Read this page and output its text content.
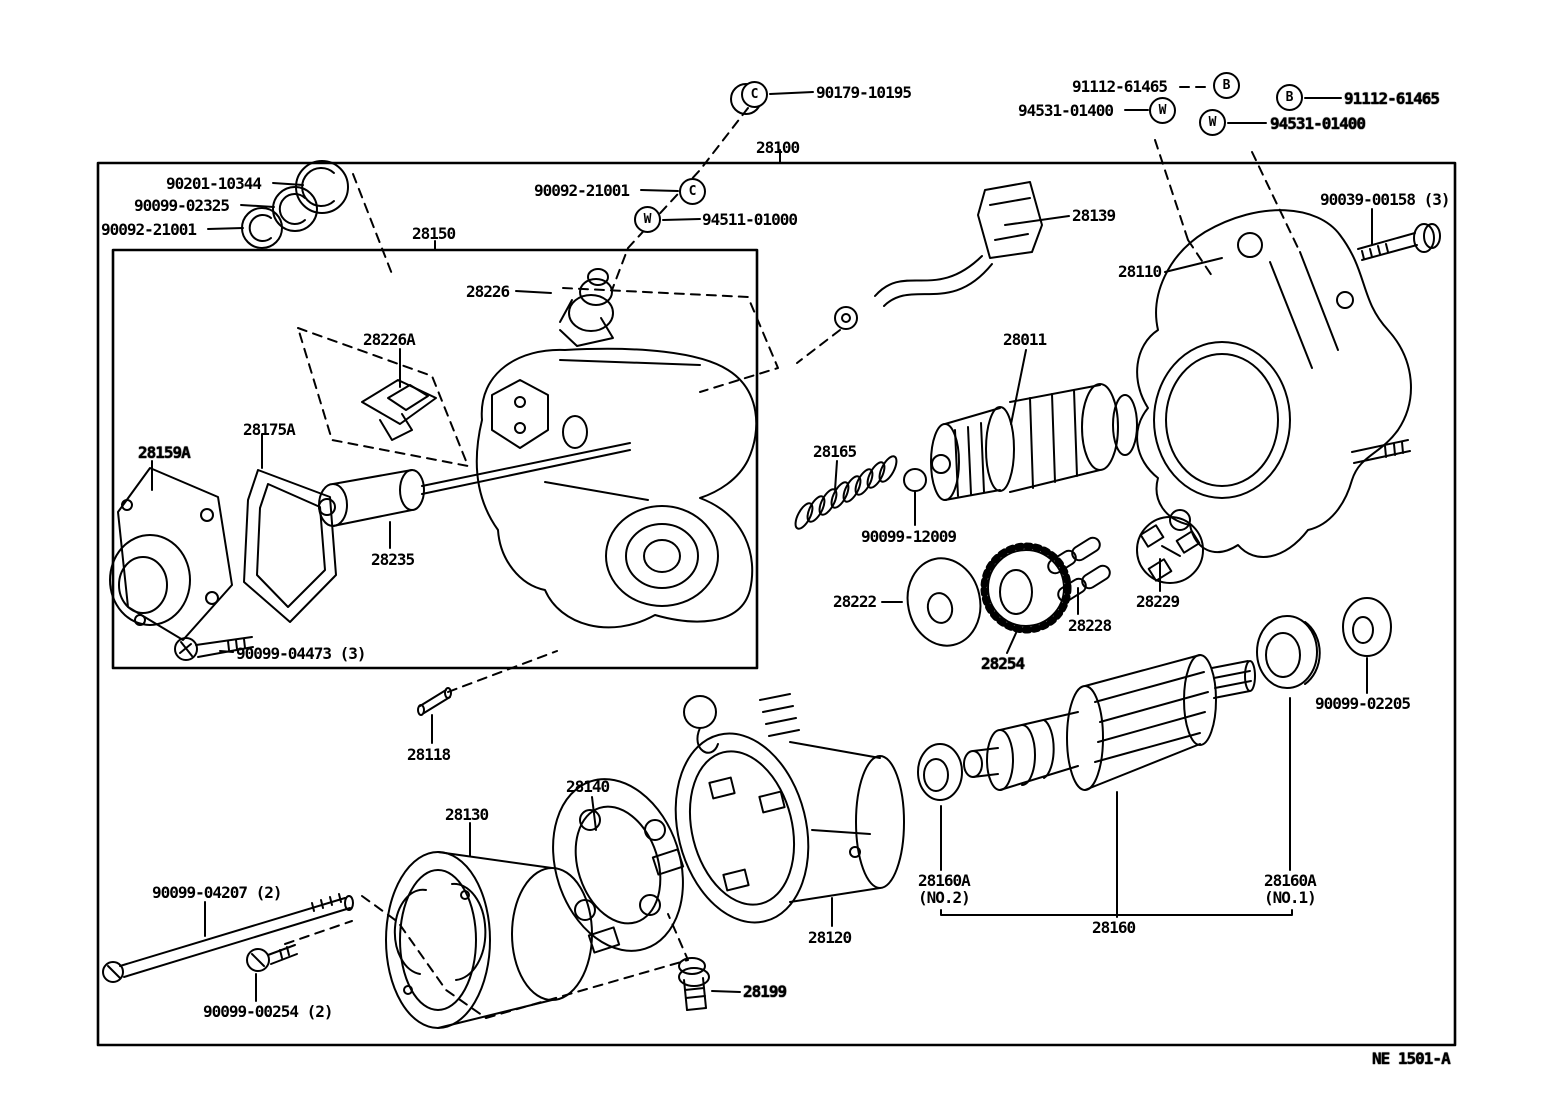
90179-10195	91112-61465
94531-01400
91112-61465
94531-01400
28100
90201-10344
90099-02325
90092-21001	28150
90092-21001
94511-01000
28226
28226A
28175A
28159A
28235
90099-04473 (3)
28118
28139
28110
90039-00158 (3)
28011
28165
90099-12009
28222
28254
28228
28229
90099-02205
28160A
(NO.2)
28160A
(NO.1)
28160
28120
90099-04207 (2)
90099-00254 (2)
28130
28140
28199
NE 1501-A
C
C
W
B
W
B
W
